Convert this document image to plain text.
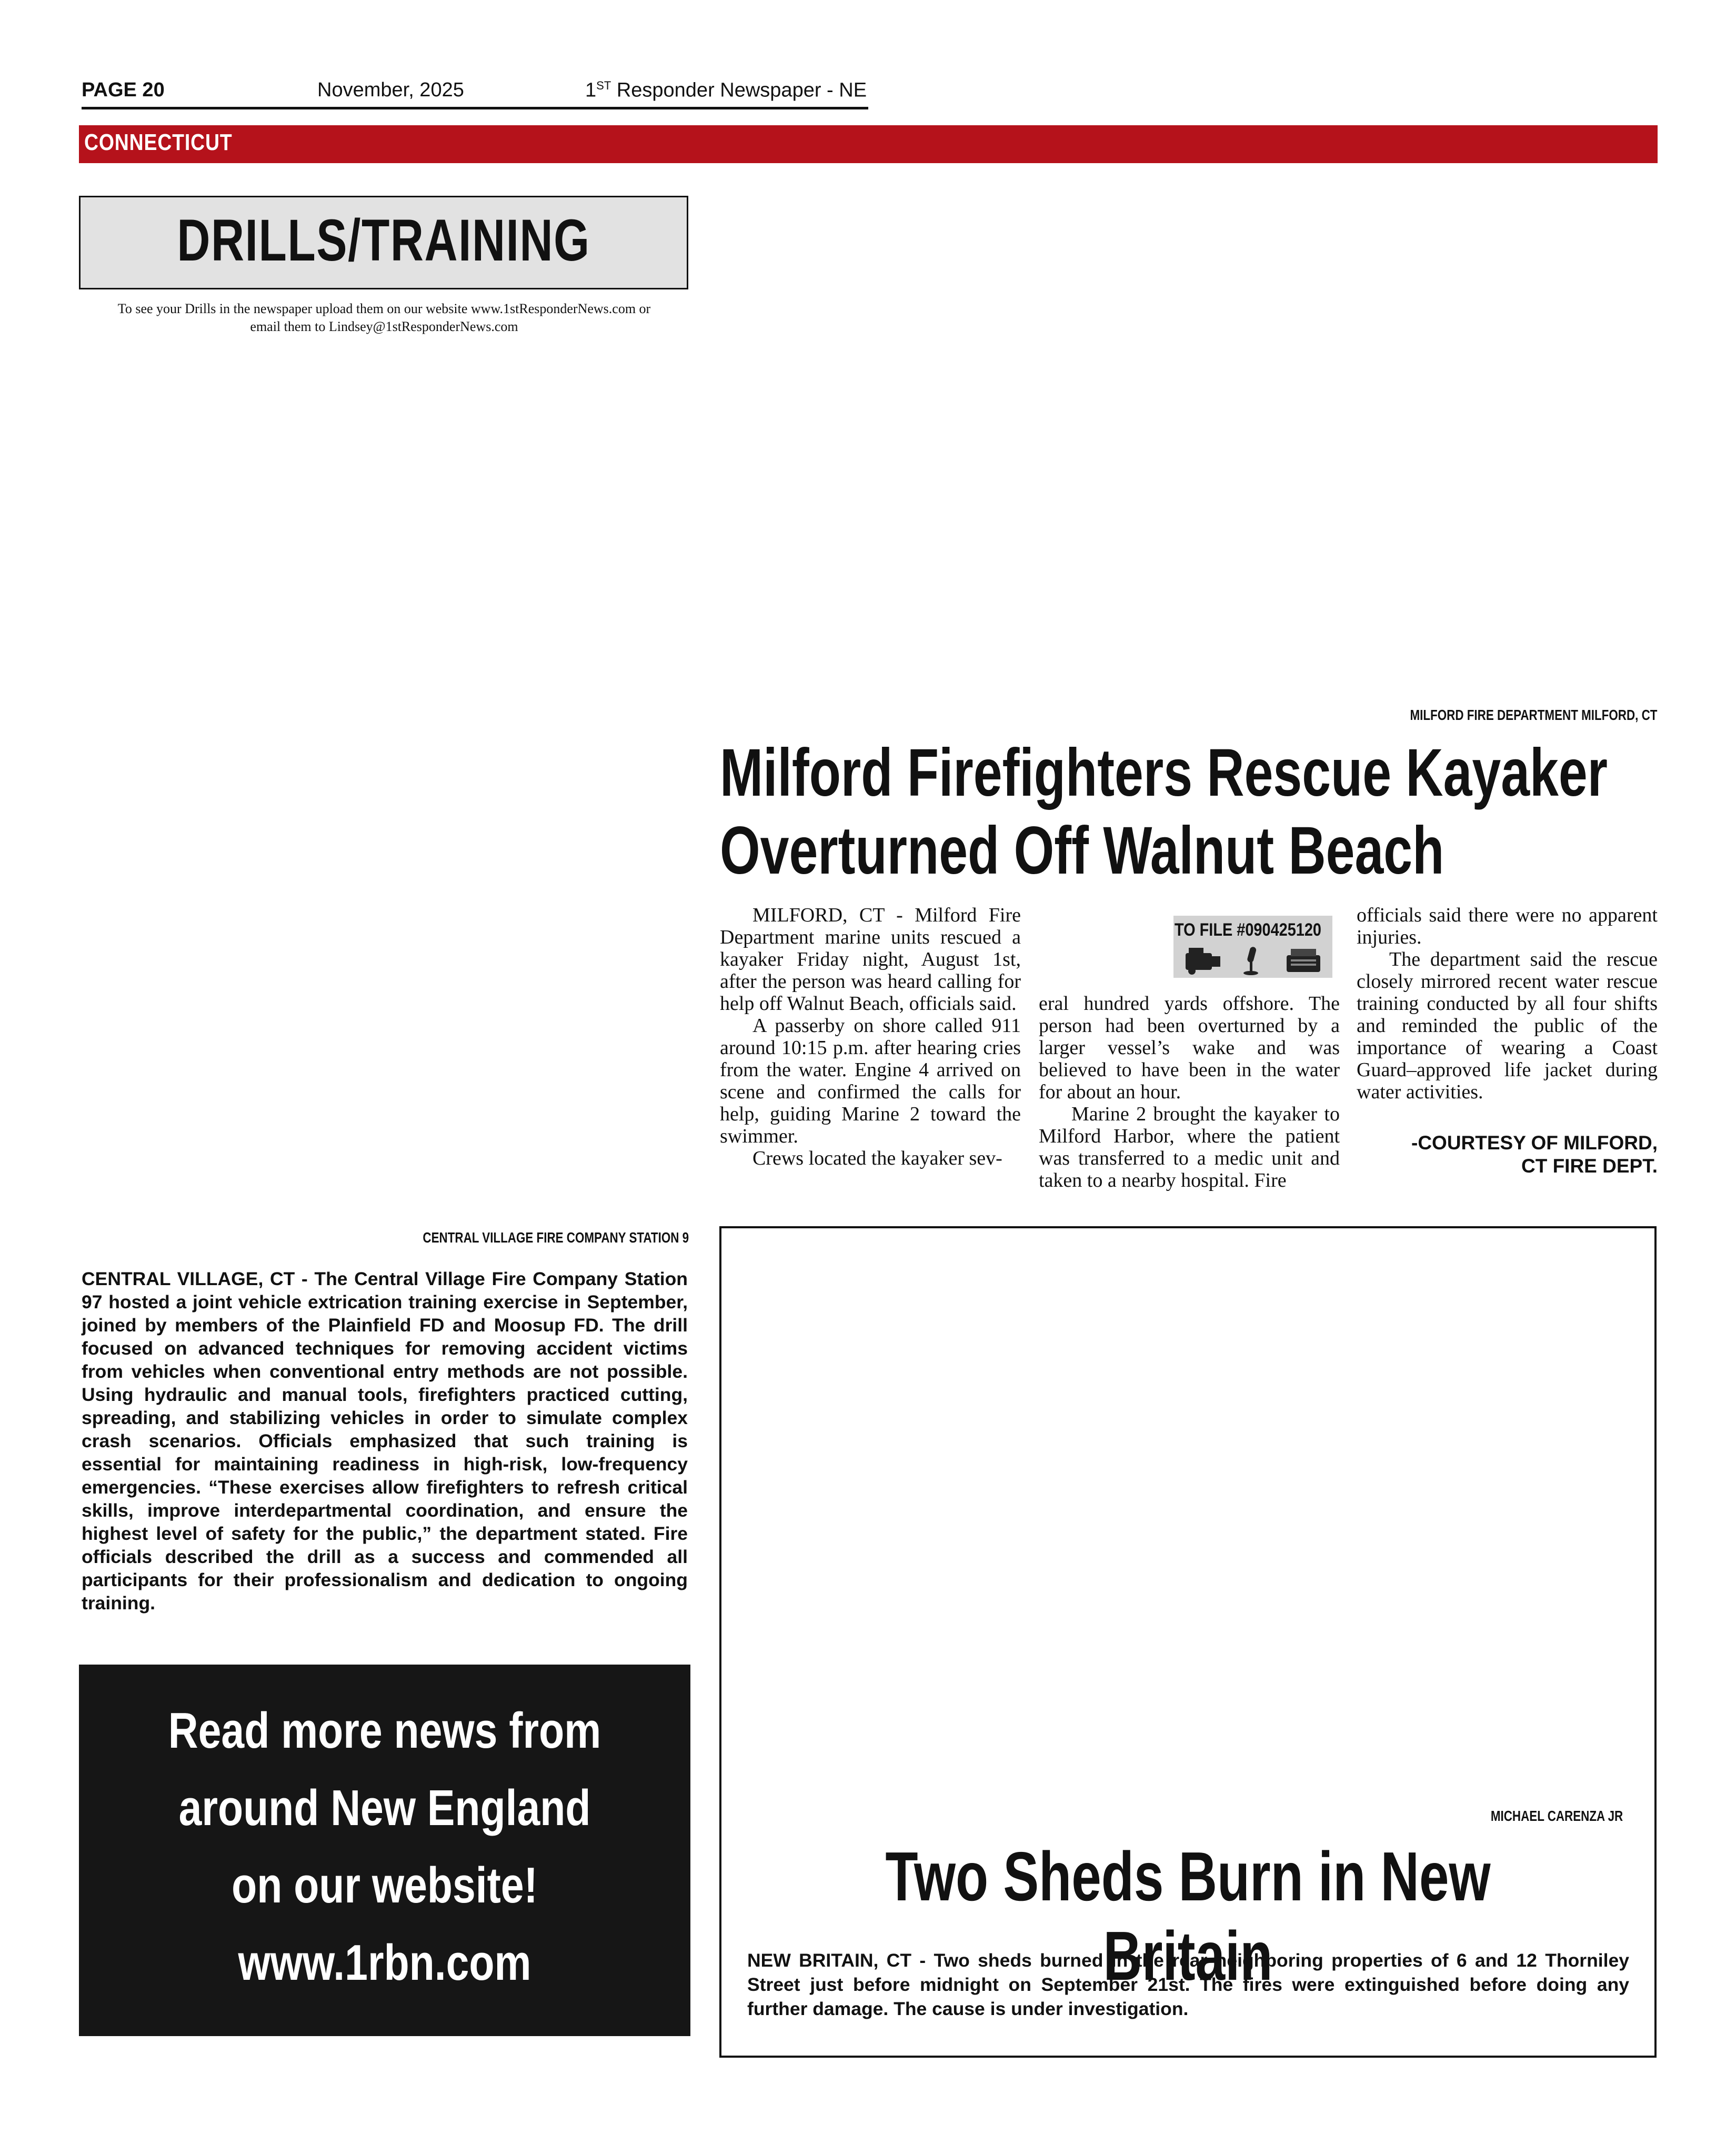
PAGE 20	November, 2025	1ST Responder Newspaper - NE
CONNECTICUT
DRILLS/TRAINING
To see your Drills in the newspaper upload them on our website www.1stResponderNews.com or
email them to Lindsey@1stResponderNews.com
MILFORD FIRE DEPARTMENT MILFORD, CT
Milford Firefighters Rescue Kayaker
Overturned Off Walnut Beach

MILFORD, CT - Milford Fire Department marine units rescued a kayaker Friday night, August 1st, after the person was heard calling for help off Walnut Beach, officials said.

A passerby on shore called 911 around 10:15 p.m. after hearing cries from the water. Engine 4 arrived on scene and confirmed the calls for help, guiding Marine 2 toward the swimmer.

Crews located the kayaker sev-

TO FILE #090425120

eral hundred yards offshore. The person had been overturned by a larger vessel’s wake and was believed to have been in the water for about an hour.

Marine 2 brought the kayaker to Milford Harbor, where the patient was transferred to a medic unit and taken to a nearby hospital. Fire

officials said there were no apparent injuries.

The department said the rescue closely mirrored recent water rescue training conducted by all four shifts and reminded the public of the importance of wearing a Coast Guard–approved life jacket during water activities.

-COURTESY OF MILFORD,
CT FIRE DEPT.
CENTRAL VILLAGE FIRE COMPANY STATION 9
CENTRAL VILLAGE, CT - The Central Village Fire Company Station 97 hosted a joint vehicle extrication training exercise in September, joined by members of the Plainfield FD and Moosup FD. The drill focused on advanced techniques for removing accident victims from vehicles when conventional entry methods are not possible. Using hydraulic and manual tools, firefighters practiced cutting, spreading, and stabilizing vehicles in order to simulate complex crash scenarios. Officials emphasized that such training is essential for maintaining readiness in high-risk, low-frequency emergencies. “These exercises allow firefighters to refresh critical skills, improve interdepartmental coordination, and ensure the highest level of safety for the public,” the department stated. Fire officials described the drill as a success and commended all participants for their professionalism and dedication to ongoing training.
Read more news from
around New England
on our website!
www.1rbn.com
MICHAEL CARENZA JR
Two Sheds Burn in New Britain
NEW BRITAIN, CT - Two sheds burned in the rear neighboring properties of 6 and 12 Thorniley Street just before midnight on September 21st. The fires were extinguished before doing any further damage. The cause is under investigation.
